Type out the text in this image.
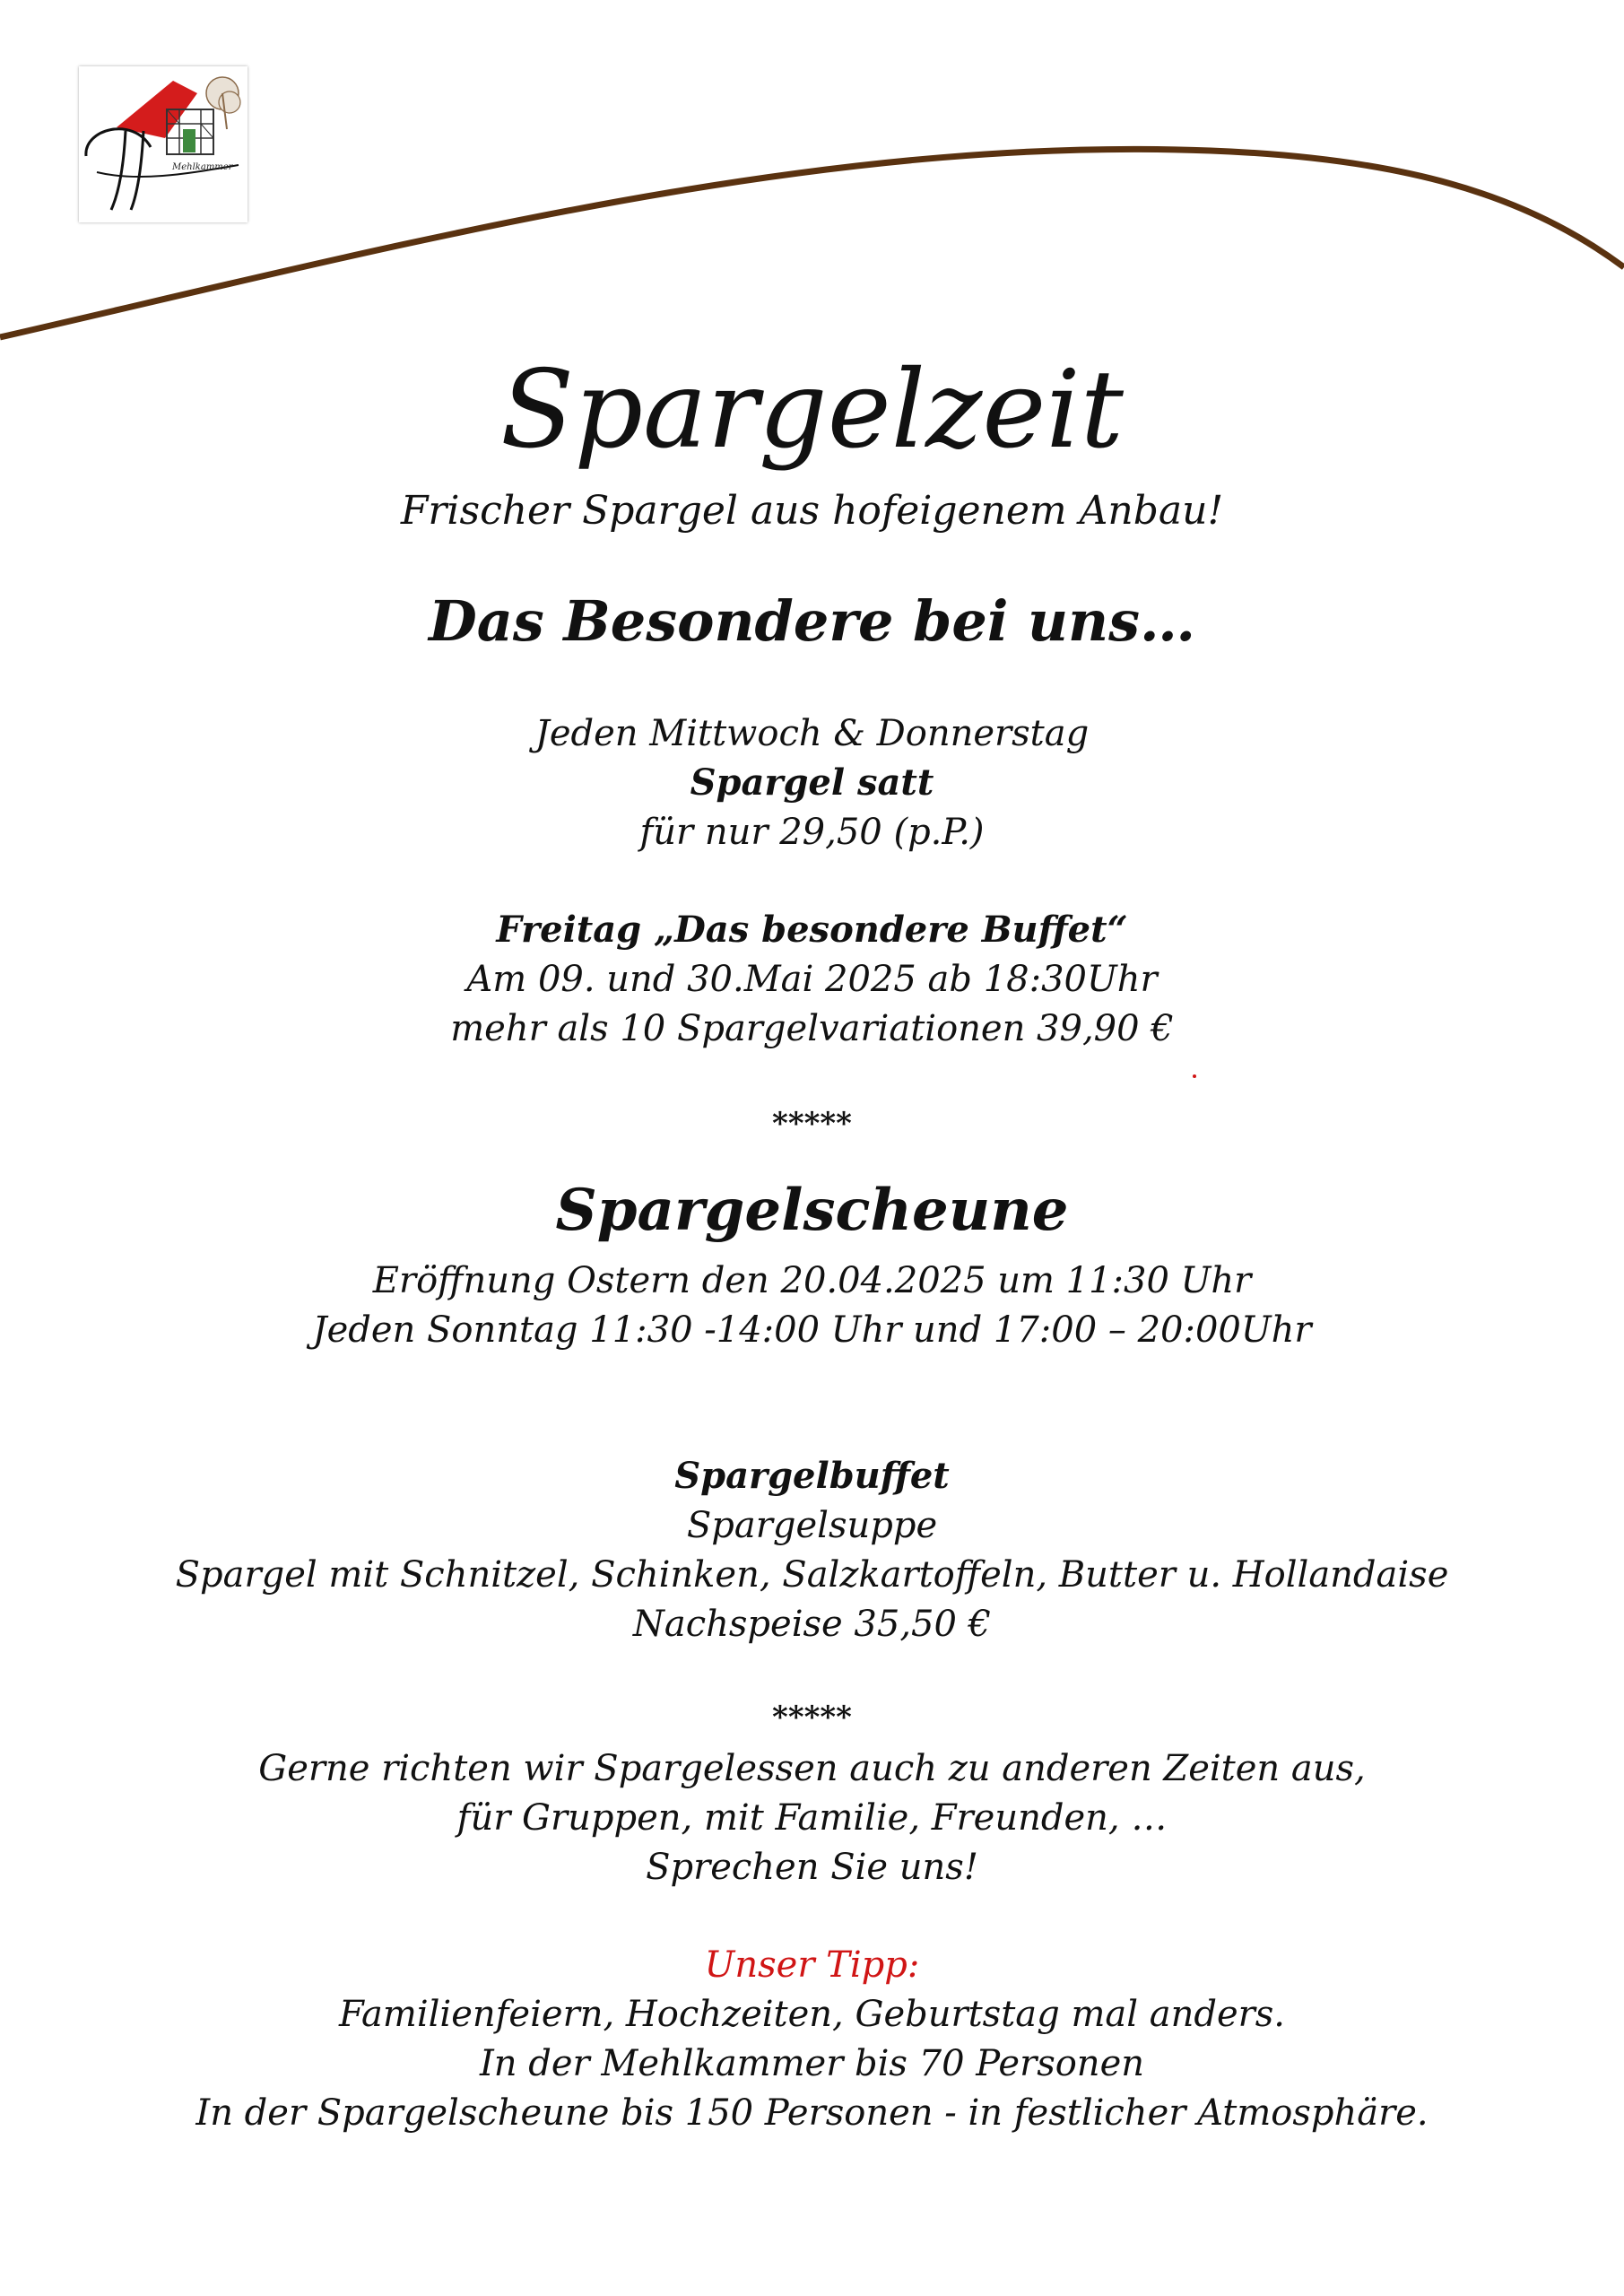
Mehlkammer
Spargelzeit
Frischer Spargel aus hofeigenem Anbau!
Das Besondere bei uns…
Jeden Mittwoch & Donnerstag
Spargel satt
für nur 29,50 (p.P.)
Freitag „Das besondere Buffet“
Am 09. und 30.Mai 2025 ab 18:30Uhr
mehr als 10 Spargelvariationen 39,90 €
*****
Spargelscheune
Eröffnung Ostern den 20.04.2025 um 11:30 Uhr
Jeden Sonntag 11:30 -14:00 Uhr und 17:00 – 20:00Uhr
Spargelbuffet
Spargelsuppe
Spargel mit Schnitzel, Schinken, Salzkartoffeln, Butter u. Hollandaise
Nachspeise 35,50 €
*****
Gerne richten wir Spargelessen auch zu anderen Zeiten aus,
für Gruppen, mit Familie, Freunden, …
Sprechen Sie uns!
Unser Tipp:
Familienfeiern, Hochzeiten, Geburtstag mal anders.
In der Mehlkammer bis 70 Personen
In der Spargelscheune bis 150 Personen - in festlicher Atmosphäre.
